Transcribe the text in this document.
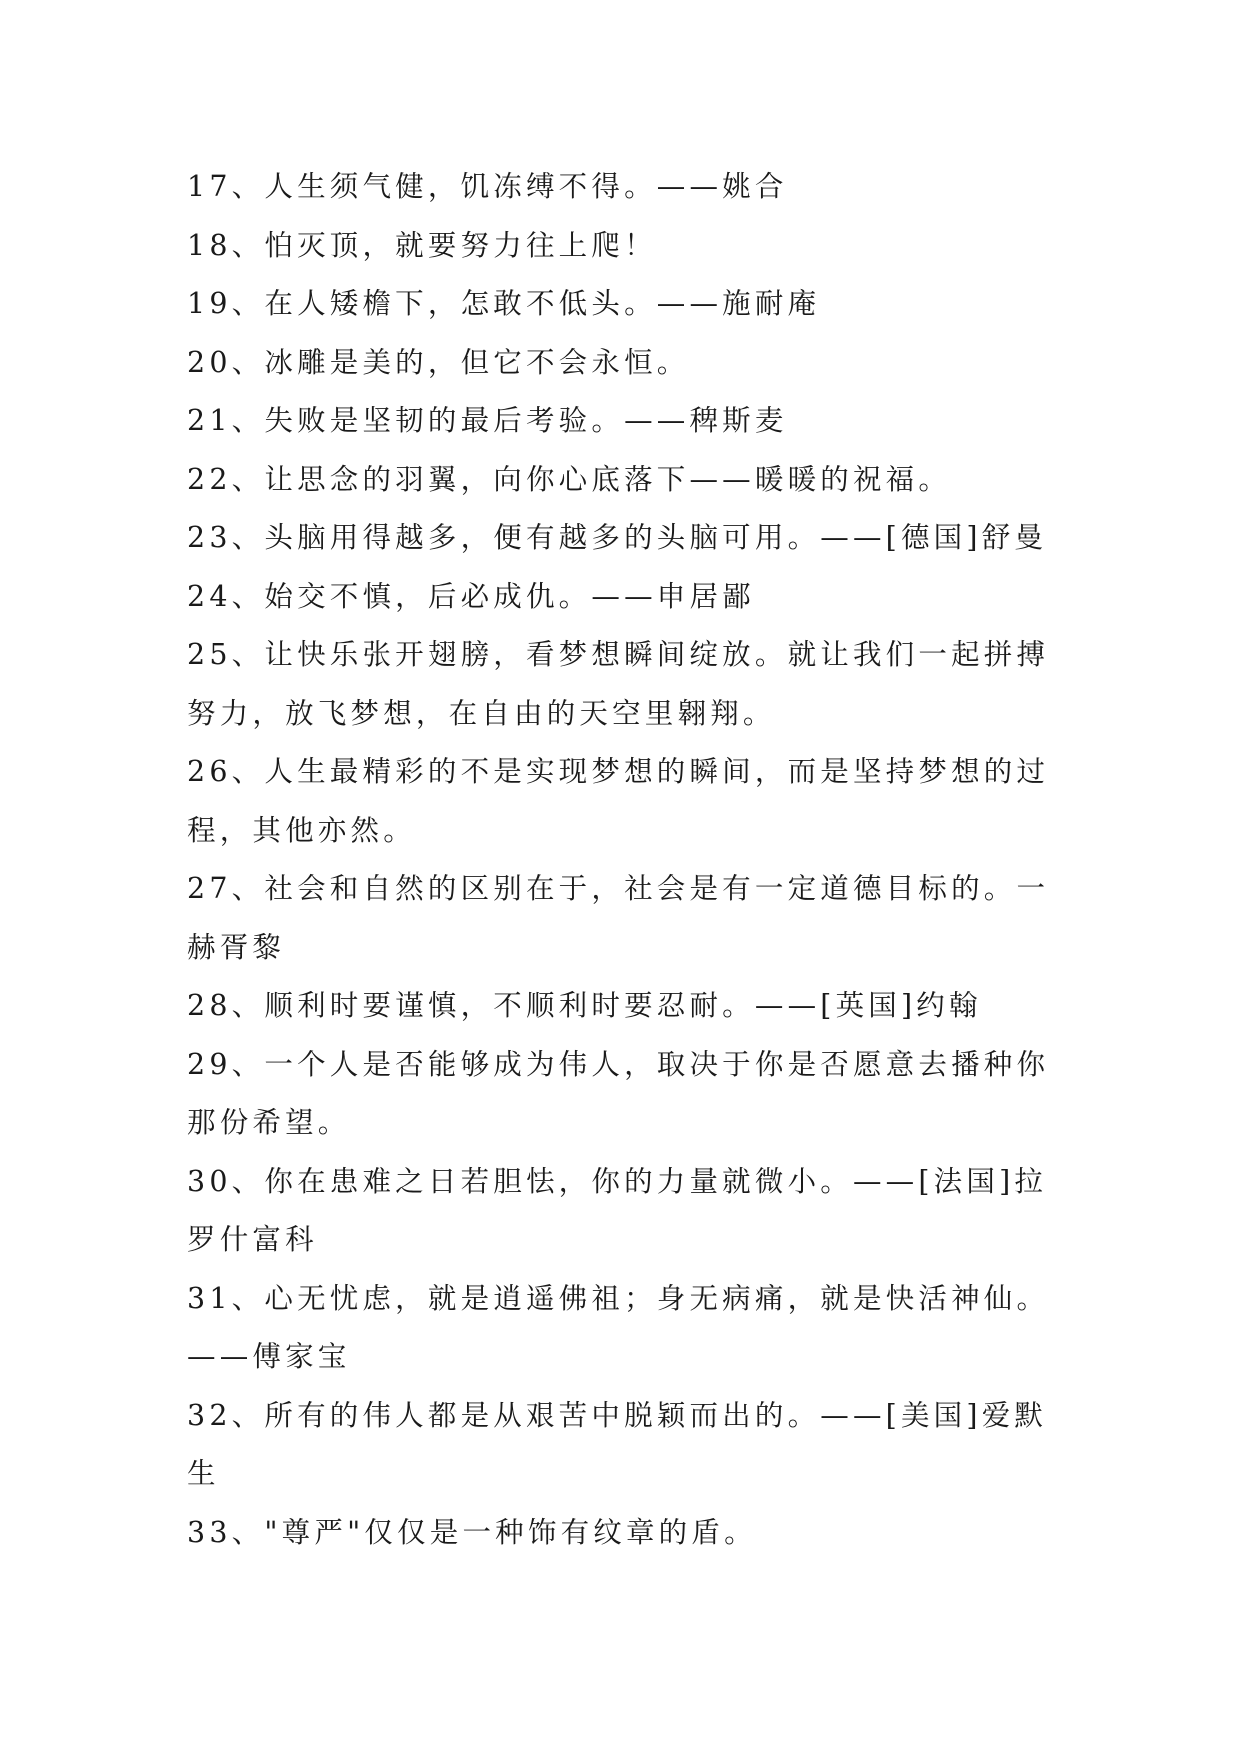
17、人生须气健，饥冻缚不得。——姚合
18、怕灭顶，就要努力往上爬！
19、在人矮檐下，怎敢不低头。——施耐庵
20、冰雕是美的，但它不会永恒。
21、失败是坚韧的最后考验。——稗斯麦
22、让思念的羽翼，向你心底落下——暖暖的祝福。
23、头脑用得越多，便有越多的头脑可用。——[德国]舒曼
24、始交不慎，后必成仇。——申居鄙
25、让快乐张开翅膀，看梦想瞬间绽放。就让我们一起拼搏
努力，放飞梦想，在自由的天空里翱翔。
26、人生最精彩的不是实现梦想的瞬间，而是坚持梦想的过
程，其他亦然。
27、社会和自然的区别在于，社会是有一定道德目标的。一
赫胥黎
28、顺利时要谨慎，不顺利时要忍耐。——[英国]约翰
29、一个人是否能够成为伟人，取决于你是否愿意去播种你
那份希望。
30、你在患难之日若胆怯，你的力量就微小。——[法国]拉
罗什富科
31、心无忧虑，就是逍遥佛祖；身无病痛，就是快活神仙。
——傅家宝
32、所有的伟人都是从艰苦中脱颖而出的。——[美国]爱默
生
33、"尊严"仅仅是一种饰有纹章的盾。
